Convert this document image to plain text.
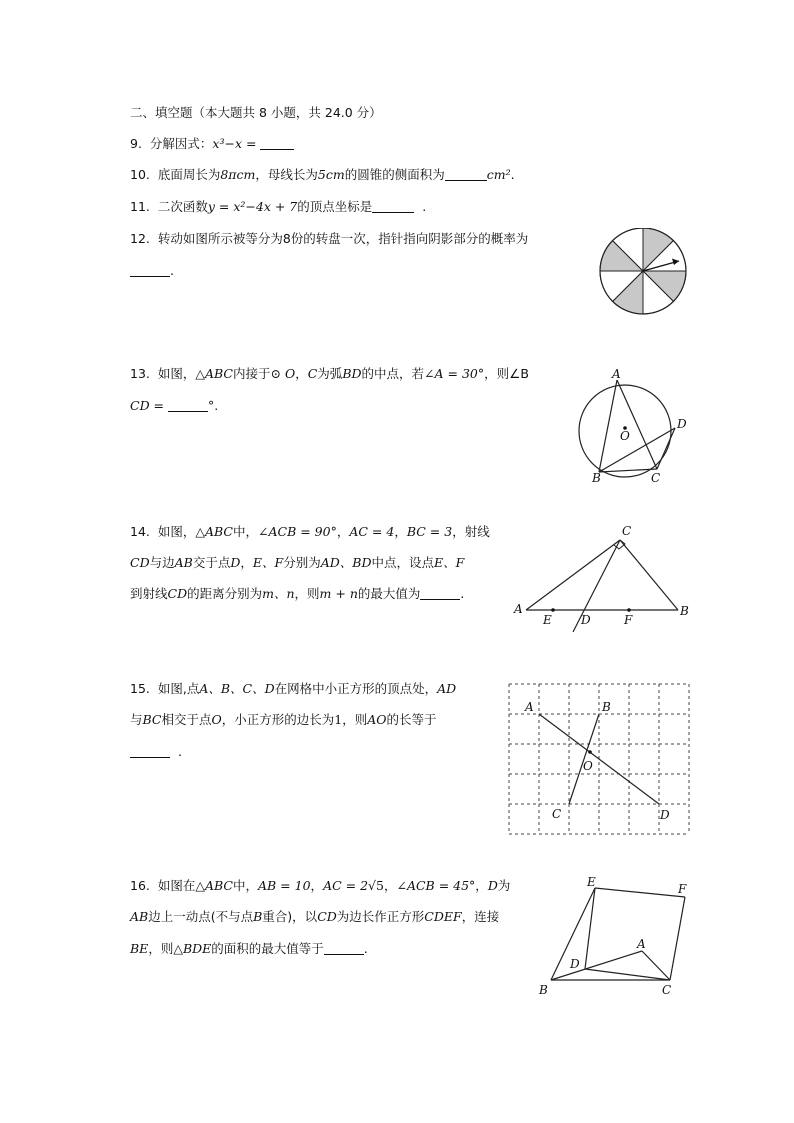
二、填空题（本大题共 8 小题，共 24.0 分）
9. 分解因式：x³−x =
10. 底面周长为8πcm，母线长为5cm的圆锥的侧面积为	cm².
11. 二次函数y = x²−4x + 7的顶点坐标是	.
12. 转动如图所示被等分为8份的转盘一次，指针指向阴影部分的概率为
.
13. 如图，△ABC内接于⊙ O，C为弧BD的中点，若∠A = 30°，则∠B
CD =	°.
A
B	C
D
O
14. 如图，△ABC中，∠ACB = 90°，AC = 4，BC = 3，射线
CD与边AB交于点D，E、F分别为AD、BD中点，设点E、F
到射线CD的距离分别为m、n，则m + n的最大值为	.
A	B
C
D
E	F
15. 如图,点A、B、C、D在网格中小正方形的顶点处，AD
与BC相交于点O，小正方形的边长为1，则AO的长等于
.
A	B
C	D
O
16. 如图在△ABC中，AB = 10，AC = 2√5，∠ACB = 45°，D为
AB边上一动点(不与点B重合)，以CD为边长作正方形CDEF，连接
BE，则△BDE的面积的最大值等于	.
E	F
A
D
B	C
